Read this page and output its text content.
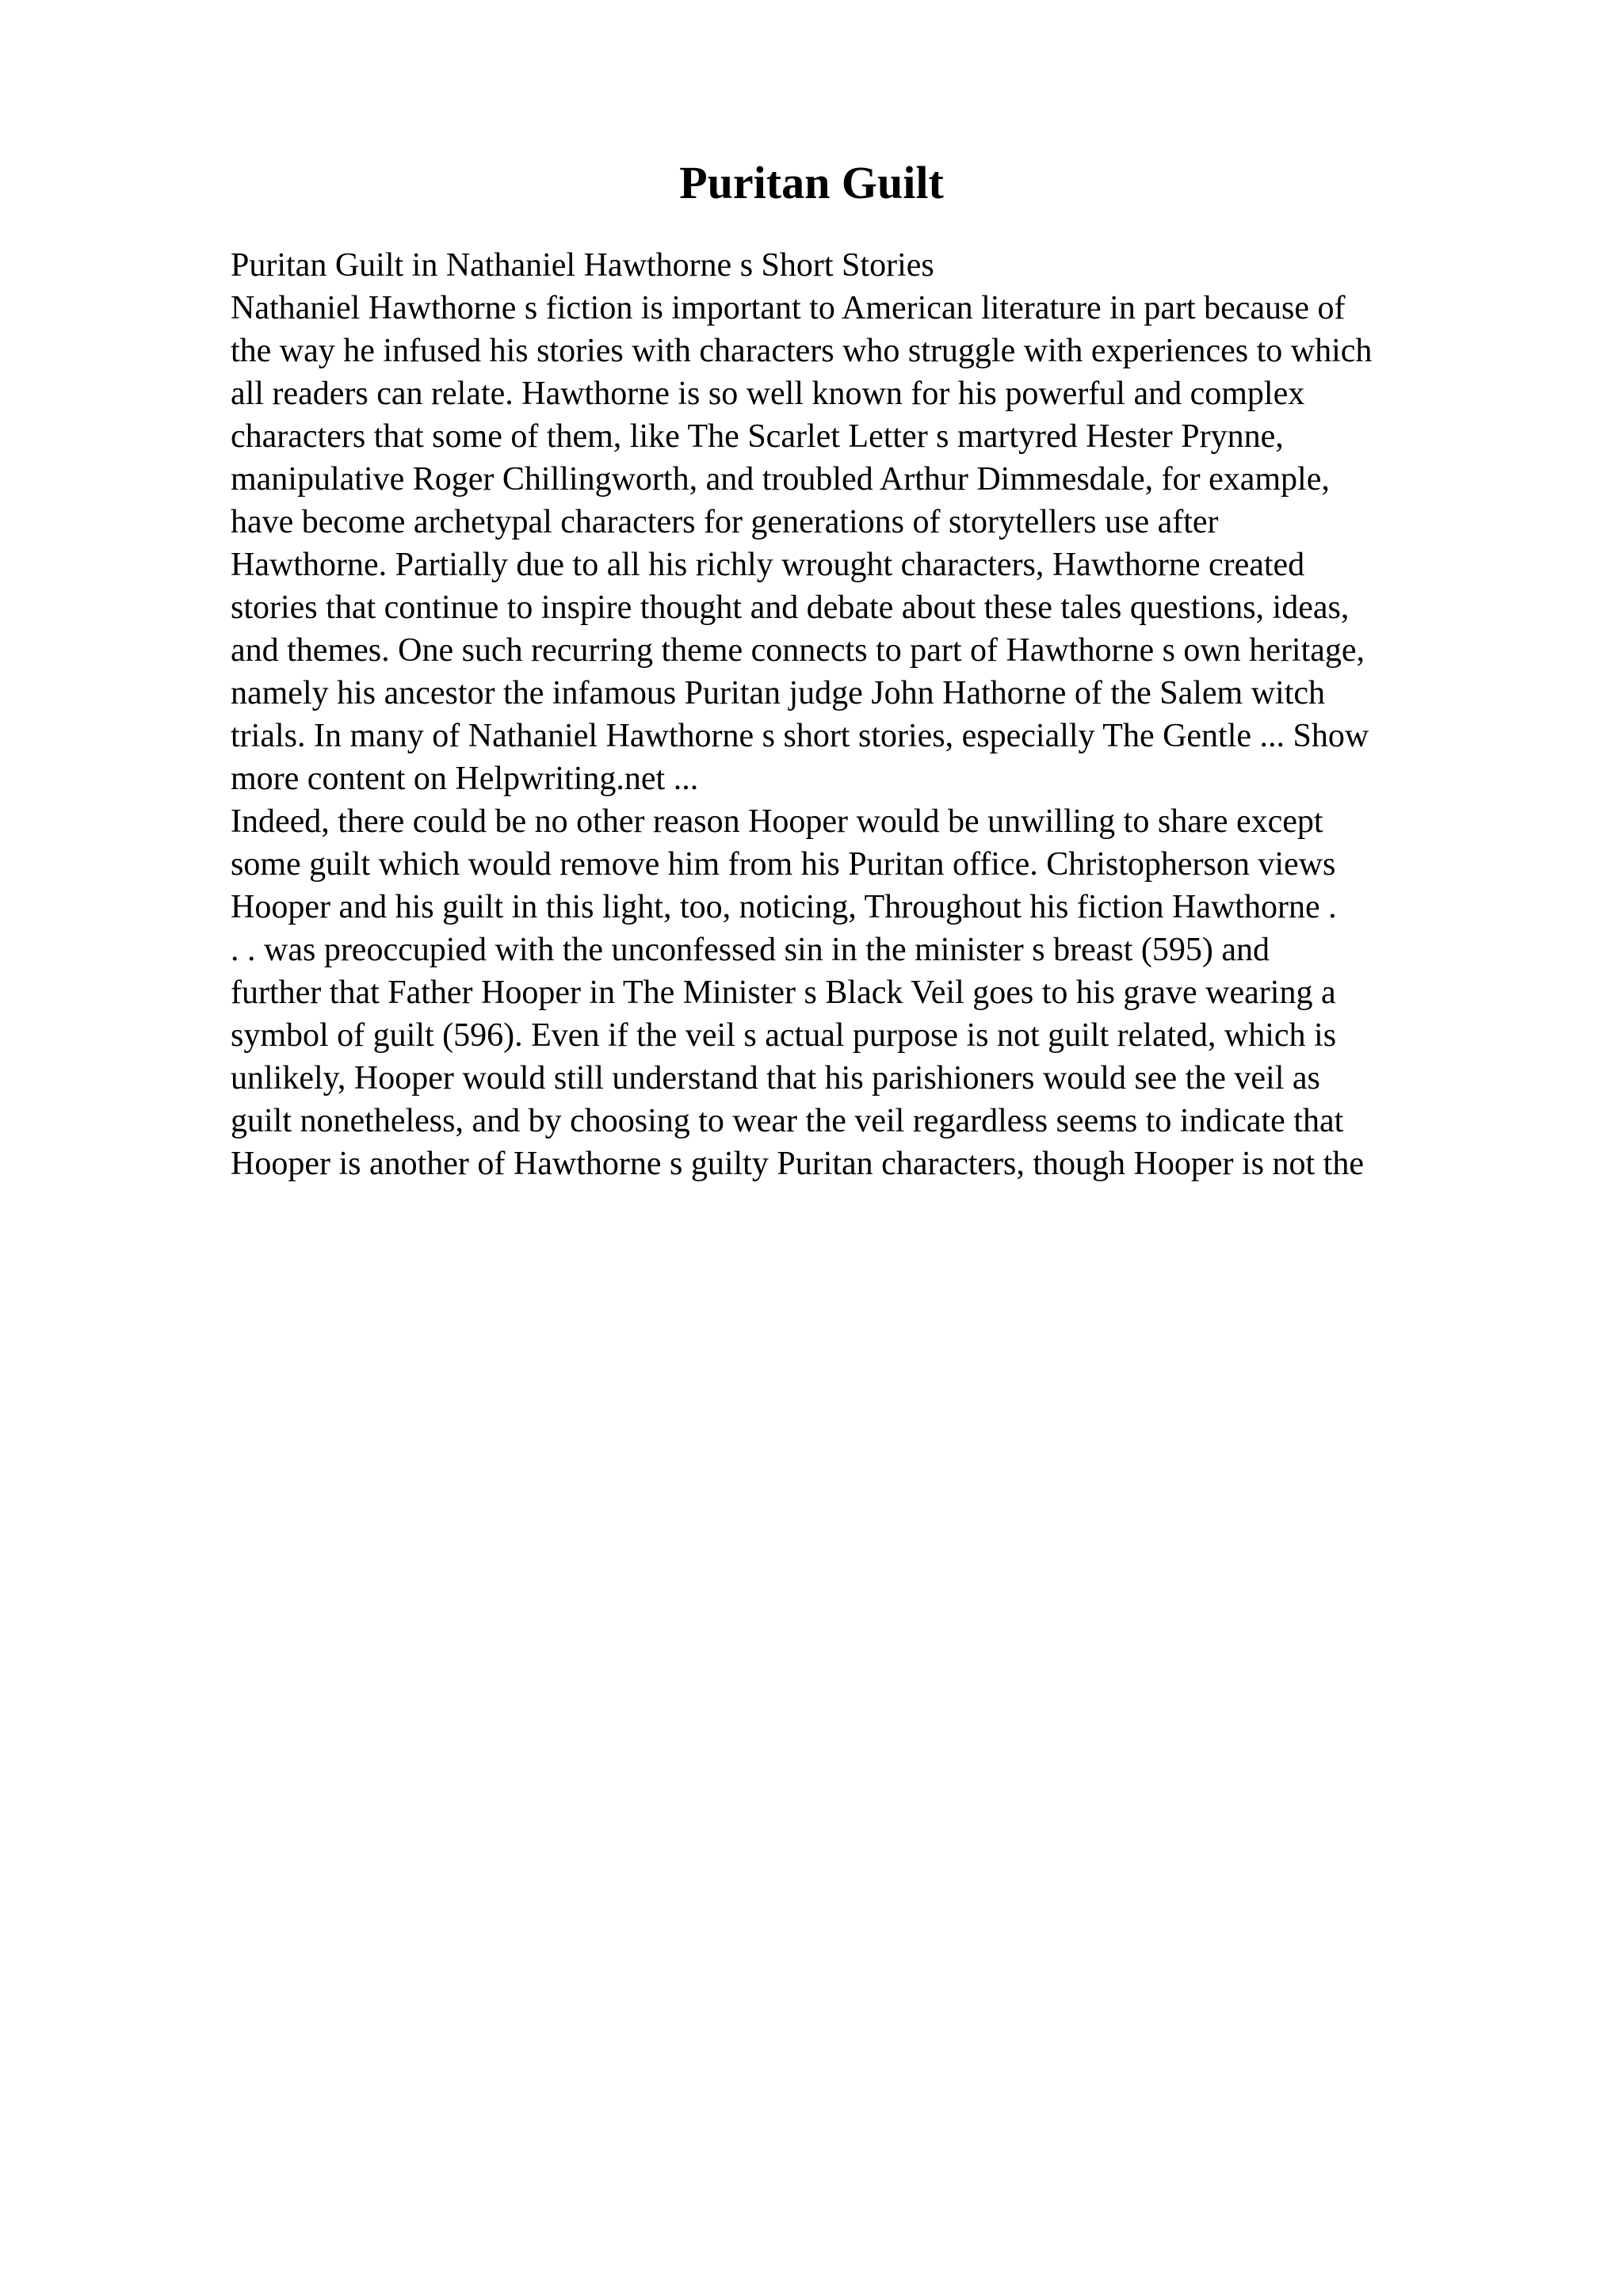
Puritan Guilt
Puritan Guilt in Nathaniel Hawthorne s Short Stories
Nathaniel Hawthorne s fiction is important to American literature in part because of
the way he infused his stories with characters who struggle with experiences to which
all readers can relate. Hawthorne is so well known for his powerful and complex
characters that some of them, like The Scarlet Letter s martyred Hester Prynne,
manipulative Roger Chillingworth, and troubled Arthur Dimmesdale, for example,
have become archetypal characters for generations of storytellers use after
Hawthorne. Partially due to all his richly wrought characters, Hawthorne created
stories that continue to inspire thought and debate about these tales questions, ideas,
and themes. One such recurring theme connects to part of Hawthorne s own heritage,
namely his ancestor the infamous Puritan judge John Hathorne of the Salem witch
trials. In many of Nathaniel Hawthorne s short stories, especially The Gentle ... Show
more content on Helpwriting.net ...
Indeed, there could be no other reason Hooper would be unwilling to share except
some guilt which would remove him from his Puritan office. Christopherson views
Hooper and his guilt in this light, too, noticing, Throughout his fiction Hawthorne .
. . was preoccupied with the unconfessed sin in the minister s breast (595) and
further that Father Hooper in The Minister s Black Veil goes to his grave wearing a
symbol of guilt (596). Even if the veil s actual purpose is not guilt related, which is
unlikely, Hooper would still understand that his parishioners would see the veil as
guilt nonetheless, and by choosing to wear the veil regardless seems to indicate that
Hooper is another of Hawthorne s guilty Puritan characters, though Hooper is not the
